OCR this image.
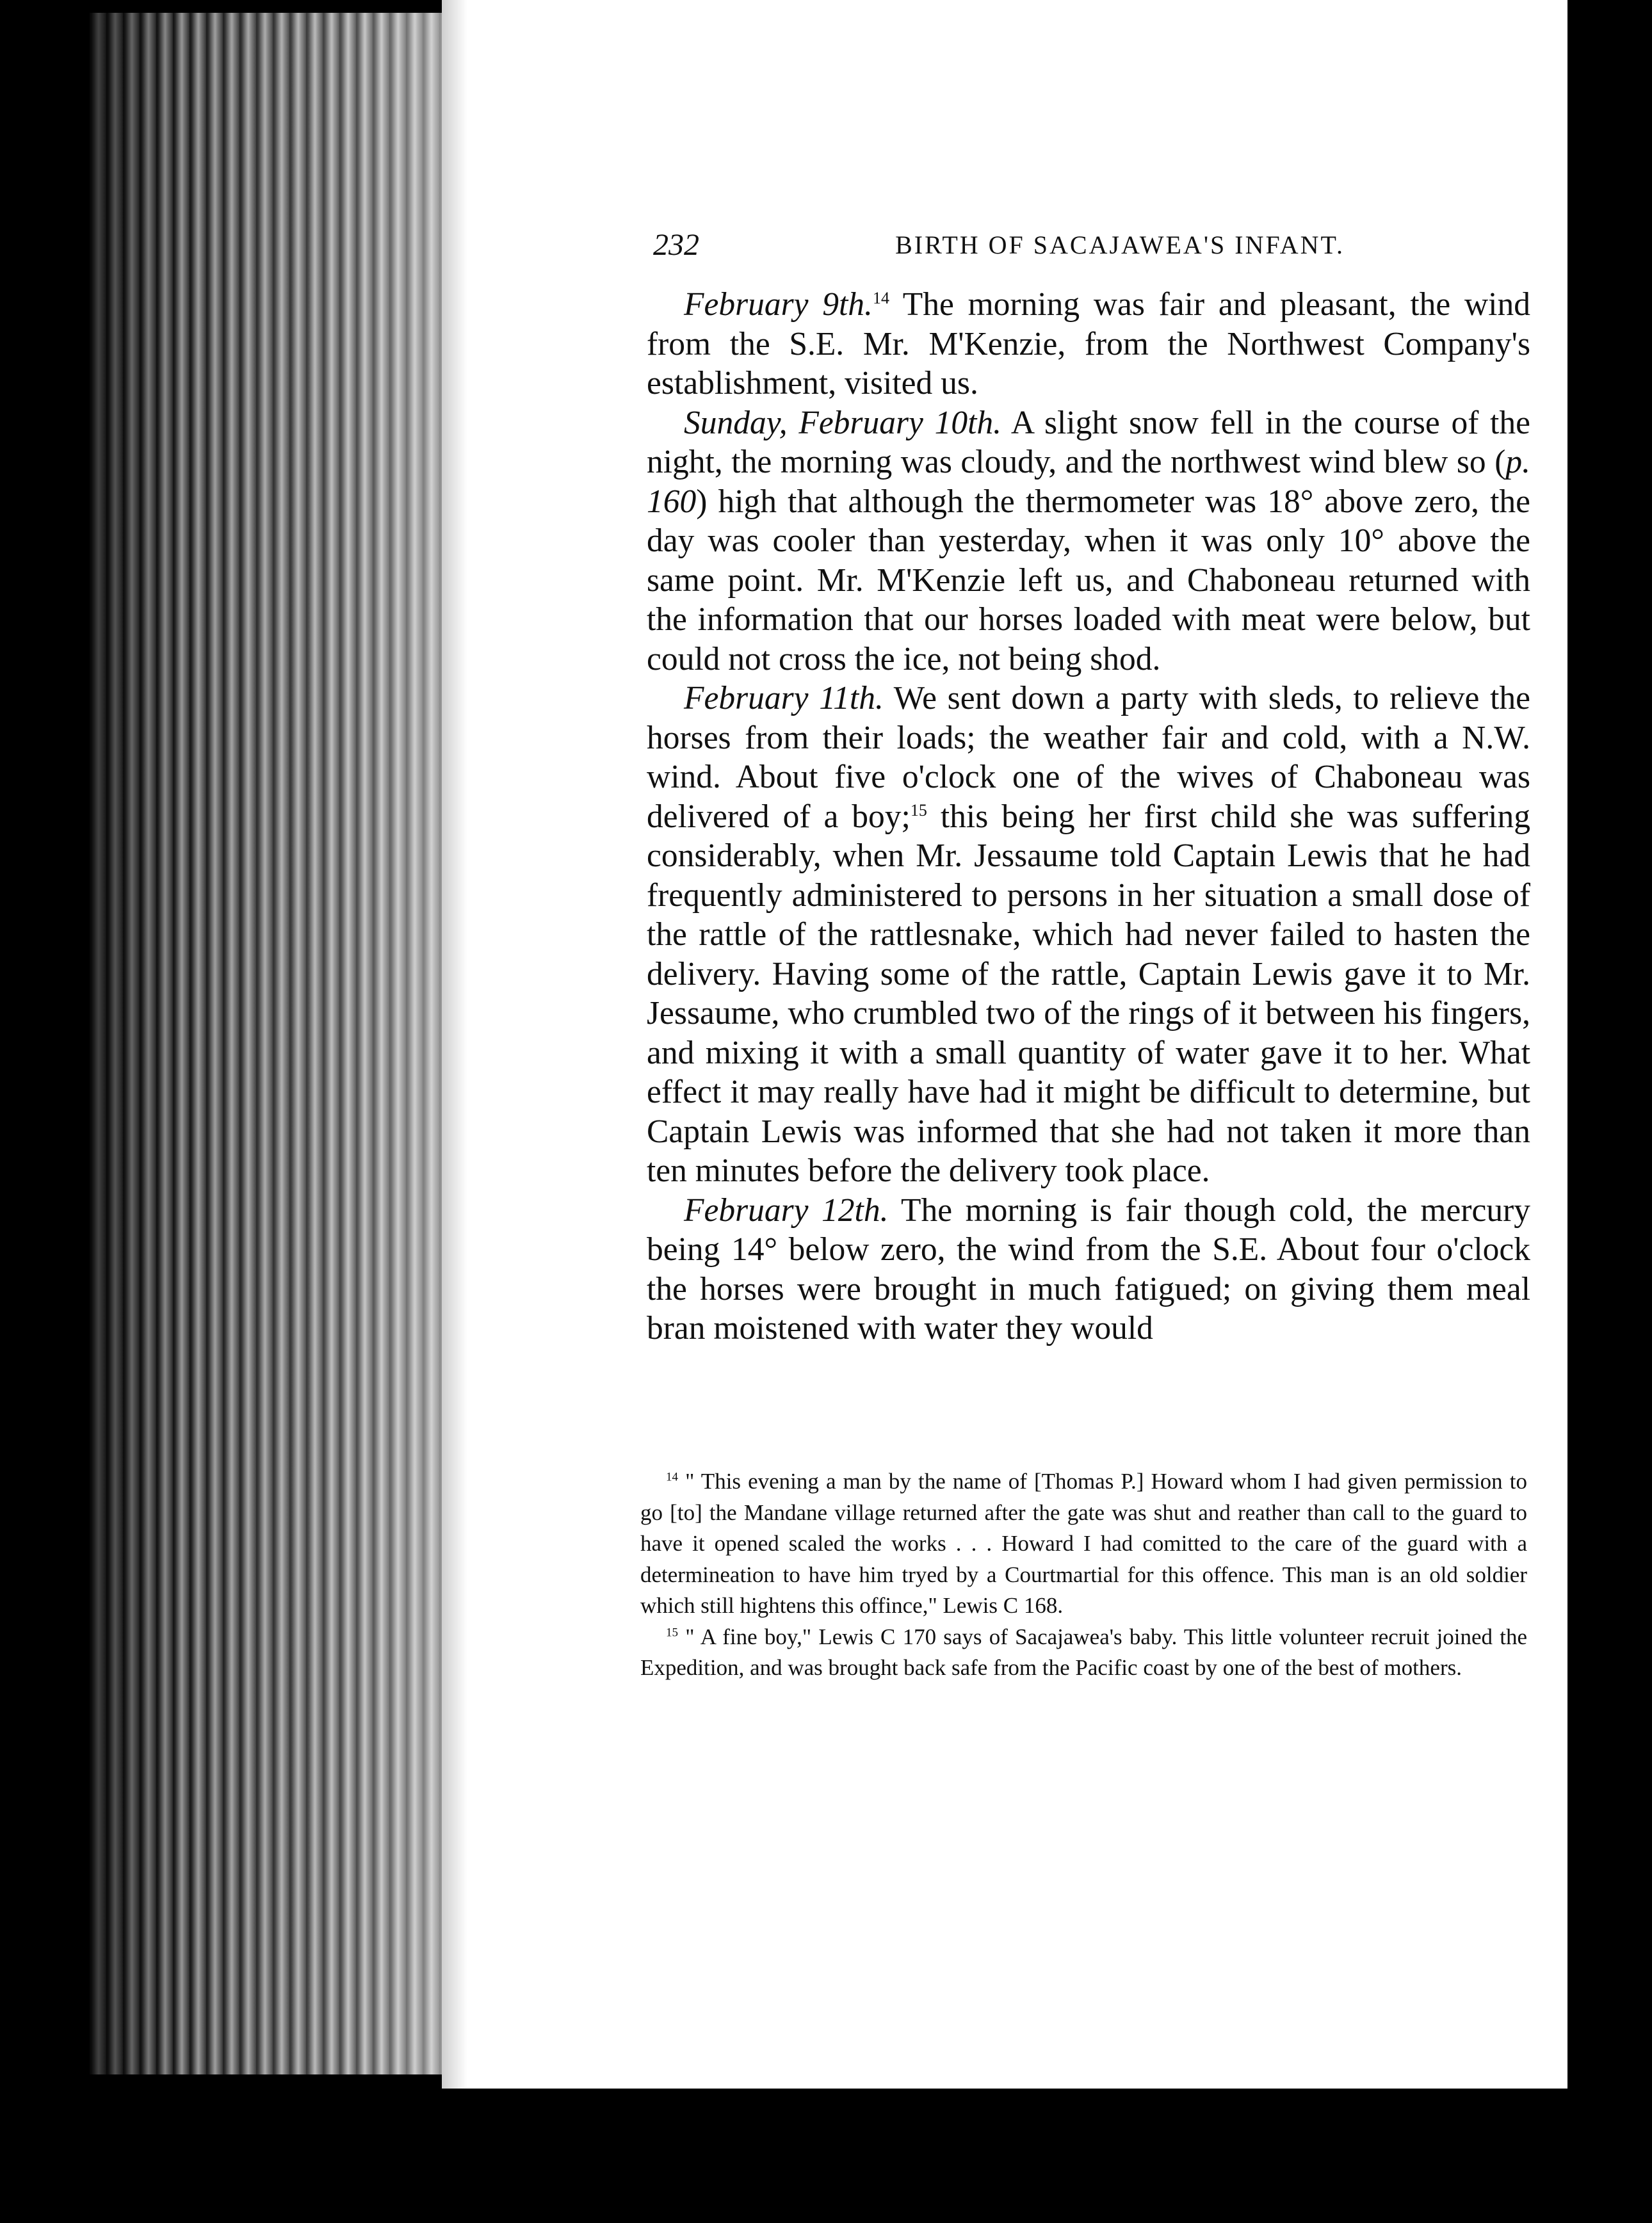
232	BIRTH OF SACAJAWEA'S INFANT.

February 9th.$^{14}$ The morning was fair and pleasant, the wind from the S.E. Mr. M'Kenzie, from the Northwest Company's establishment, visited us.

Sunday, February 10th. A slight snow fell in the course of the night, the morning was cloudy, and the northwest wind blew so (p. 160) high that although the thermometer was 18° above zero, the day was cooler than yesterday, when it was only 10° above the same point. Mr. M'Kenzie left us, and Chaboneau returned with the information that our horses loaded with meat were below, but could not cross the ice, not being shod.

February 11th. We sent down a party with sleds, to relieve the horses from their loads; the weather fair and cold, with a N.W. wind. About five o'clock one of the wives of Chaboneau was delivered of a boy;$^{15}$ this being her first child she was suffering considerably, when Mr. Jessaume told Captain Lewis that he had frequently administered to persons in her situation a small dose of the rattle of the rattlesnake, which had never failed to hasten the delivery. Having some of the rattle, Captain Lewis gave it to Mr. Jessaume, who crumbled two of the rings of it between his fingers, and mixing it with a small quantity of water gave it to her. What effect it may really have had it might be difficult to determine, but Captain Lewis was informed that she had not taken it more than ten minutes before the delivery took place.

February 12th. The morning is fair though cold, the mercury being 14° below zero, the wind from the S.E. About four o'clock the horses were brought in much fatigued; on giving them meal bran moistened with water they would

$^{14}$ " This evening a man by the name of [Thomas P.] Howard whom I had given permission to go [to] the Mandane village returned after the gate was shut and reather than call to the guard to have it opened scaled the works . . . Howard I had comitted to the care of the guard with a determineation to have him tryed by a Courtmartial for this offence. This man is an old soldier which still hightens this offince," Lewis C 168.

$^{15}$ " A fine boy," Lewis C 170 says of Sacajawea's baby. This little volunteer recruit joined the Expedition, and was brought back safe from the Pacific coast by one of the best of mothers.
